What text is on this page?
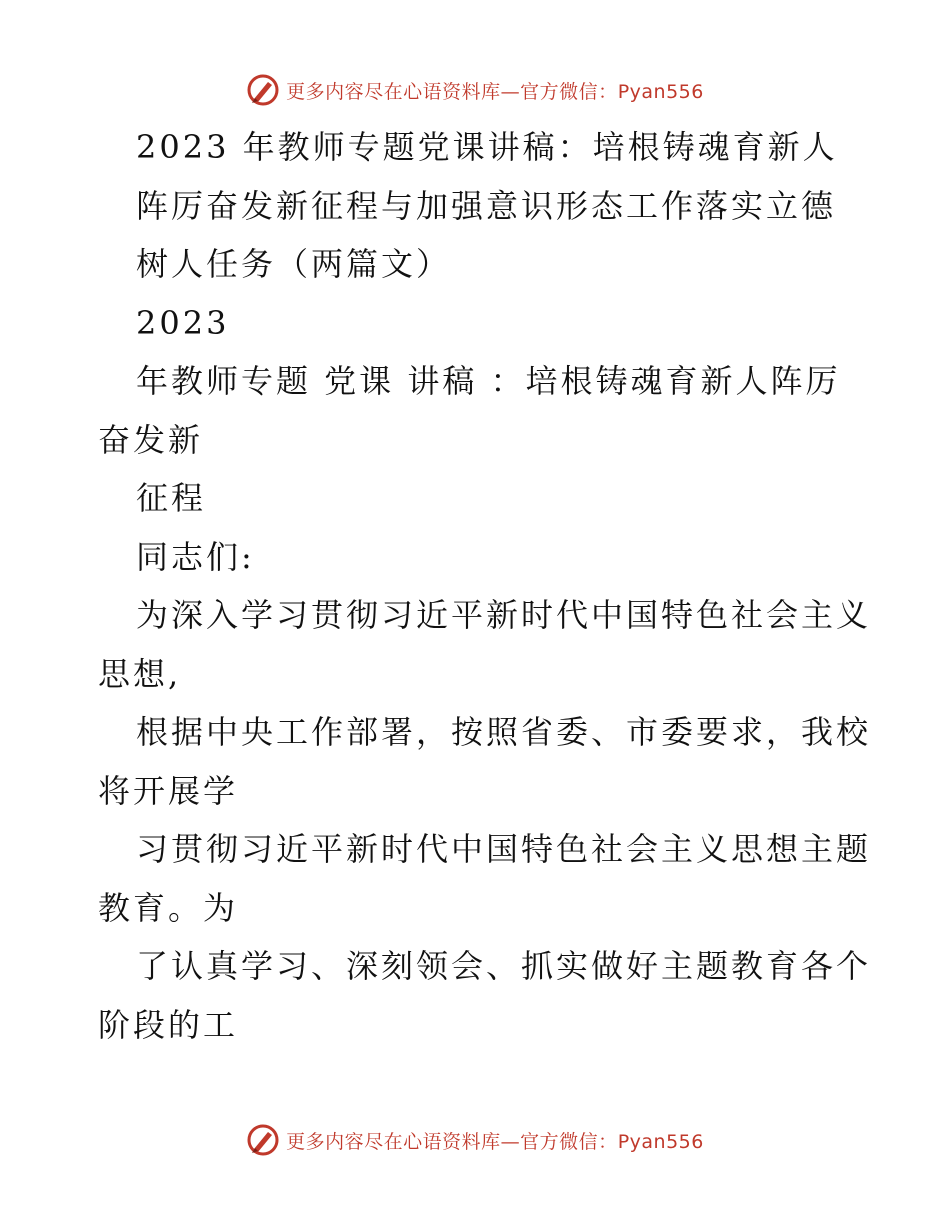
更多内容尽在心语资料库—官方微信：Pyan556
2023 年教师专题党课讲稿：培根铸魂育新人
阵厉奋发新征程与加强意识形态工作落实立德
树人任务（两篇文）
2023
年教师专题 党课 讲稿 ：培根铸魂育新人阵厉
奋发新
征程
同志们:
为深入学习贯彻习近平新时代中国特色社会主义
思想,
根据中央工作部署，按照省委、市委要求，我校
将开展学
习贯彻习近平新时代中国特色社会主义思想主题
教育。为
了认真学习、深刻领会、抓实做好主题教育各个
阶段的工
更多内容尽在心语资料库—官方微信：Pyan556
